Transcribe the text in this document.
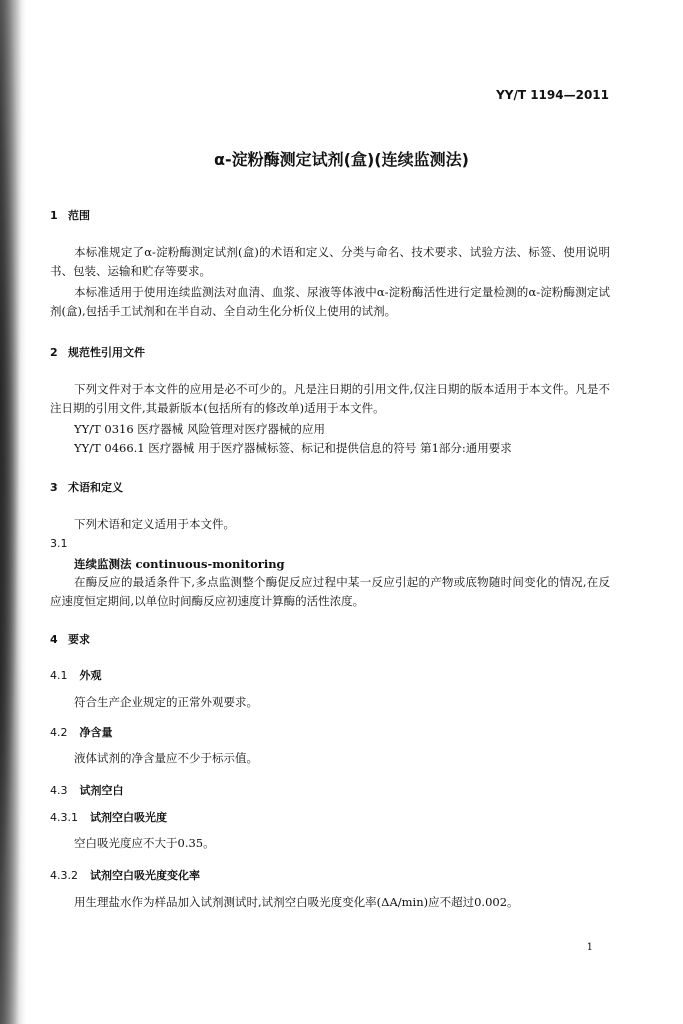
YY/T 1194—2011
α-淀粉酶测定试剂(盒)(连续监测法)
1 范围

本标准规定了α-淀粉酶测定试剂(盒)的术语和定义、分类与命名、技术要求、试验方法、标签、使用说明书、包装、运输和贮存等要求。

本标准适用于使用连续监测法对血清、血浆、尿液等体液中α-淀粉酶活性进行定量检测的α-淀粉酶测定试剂(盒),包括手工试剂和在半自动、全自动生化分析仪上使用的试剂。

2 规范性引用文件

下列文件对于本文件的应用是必不可少的。凡是注日期的引用文件,仅注日期的版本适用于本文件。凡是不注日期的引用文件,其最新版本(包括所有的修改单)适用于本文件。

YY/T 0316 医疗器械 风险管理对医疗器械的应用
YY/T 0466.1 医疗器械 用于医疗器械标签、标记和提供信息的符号 第1部分:通用要求
3 术语和定义

下列术语和定义适用于本文件。

3.1
连续监测法 continuous-monitoring

在酶反应的最适条件下,多点监测整个酶促反应过程中某一反应引起的产物或底物随时间变化的情况,在反应速度恒定期间,以单位时间酶反应初速度计算酶的活性浓度。

4 要求
4.1 外观

符合生产企业规定的正常外观要求。

4.2 净含量

液体试剂的净含量应不少于标示值。

4.3 试剂空白
4.3.1 试剂空白吸光度

空白吸光度应不大于0.35。

4.3.2 试剂空白吸光度变化率

用生理盐水作为样品加入试剂测试时,试剂空白吸光度变化率(ΔA/min)应不超过0.002。

1
